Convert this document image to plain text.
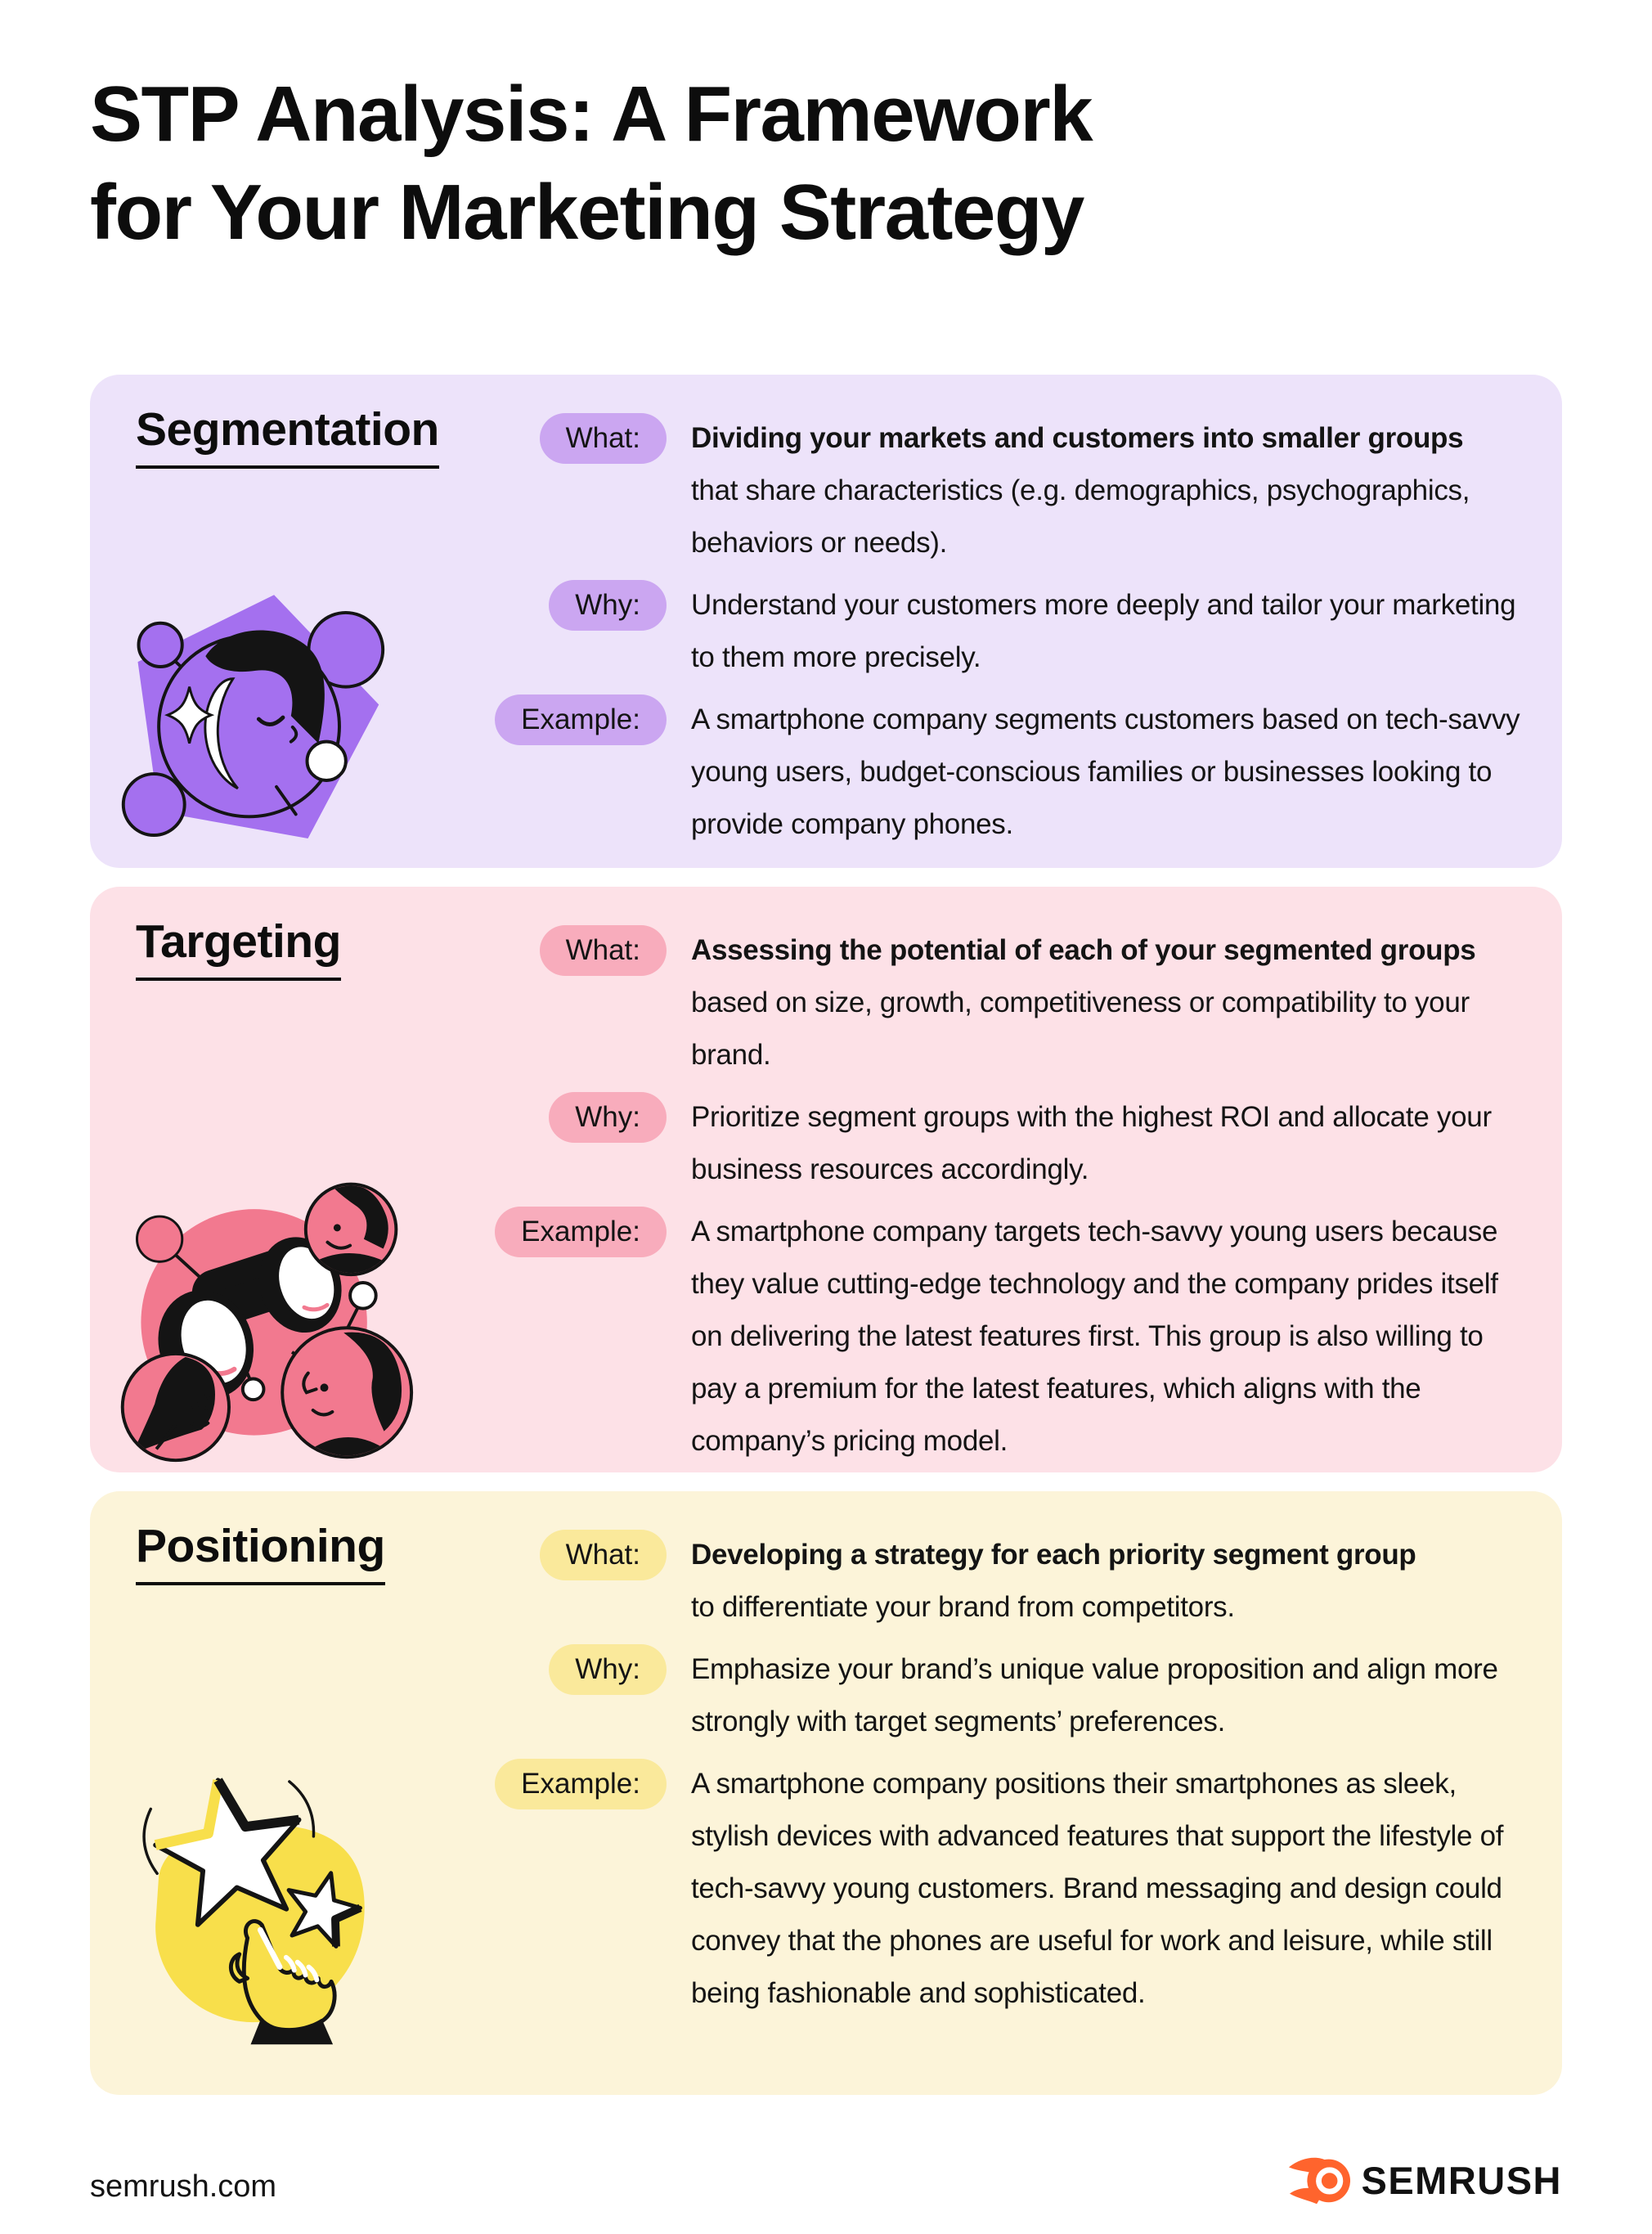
STP Analysis: A Framework
for Your Marketing Strategy
Segmentation	What:	Dividing your markets and customers into smaller groups
that share characteristics (e.g. demographics, psychographics, behaviors or needs).
Why:	Understand your customers more deeply and tailor your marketing to them more precisely.
Example:	A smartphone company segments customers based on tech-savvy young users, budget-conscious families or businesses looking to provide company phones.
Targeting	What:	Assessing the potential of each of your segmented groups
based on size, growth, competitiveness or compatibility to your brand.
Why:	Prioritize segment groups with the highest ROI and allocate your business resources accordingly.
Example:	A smartphone company targets tech-savvy young users because they value cutting-edge technology and the company prides itself on delivering the latest features first. This group is also willing to pay a premium for the latest features, which aligns with the company’s pricing model.
Positioning	What:	Developing a strategy for each priority segment group
to differentiate your brand from competitors.
Why:	Emphasize your brand’s unique value proposition and align more strongly with target segments’ preferences.
Example:	A smartphone company positions their smartphones as sleek, stylish devices with advanced features that support the lifestyle of tech-savvy young customers. Brand messaging and design could convey that the phones are useful for work and leisure, while still being fashionable and sophisticated.
semrush.com	SEMRUSH
